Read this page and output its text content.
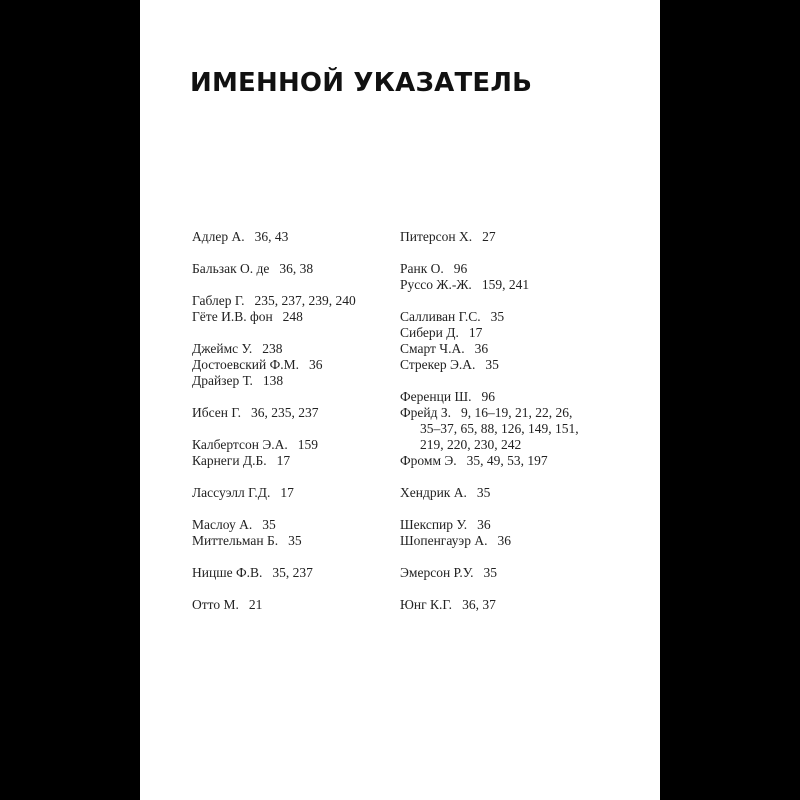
ИМЕННОЙ УКАЗАТЕЛЬ
Адлер А. 36, 43
Бальзак О. де 36, 38
Габлер Г. 235, 237, 239, 240
Гёте И.В. фон 248
Джеймс У. 238
Достоевский Ф.М. 36
Драйзер Т. 138
Ибсен Г. 36, 235, 237
Калбертсон Э.А. 159
Карнеги Д.Б. 17
Лассуэлл Г.Д. 17
Маслоу А. 35
Миттельман Б. 35
Ницше Ф.В. 35, 237
Отто М. 21
Питерсон Х. 27
Ранк О. 96
Руссо Ж.-Ж. 159, 241
Салливан Г.С. 35
Сибери Д. 17
Смарт Ч.А. 36
Стрекер Э.А. 35
Ференци Ш. 96
Фрейд З. 9, 16–19, 21, 22, 26,
35–37, 65, 88, 126, 149, 151,
219, 220, 230, 242
Фромм Э. 35, 49, 53, 197
Хендрик А. 35
Шекспир У. 36
Шопенгауэр А. 36
Эмерсон Р.У. 35
Юнг К.Г. 36, 37
